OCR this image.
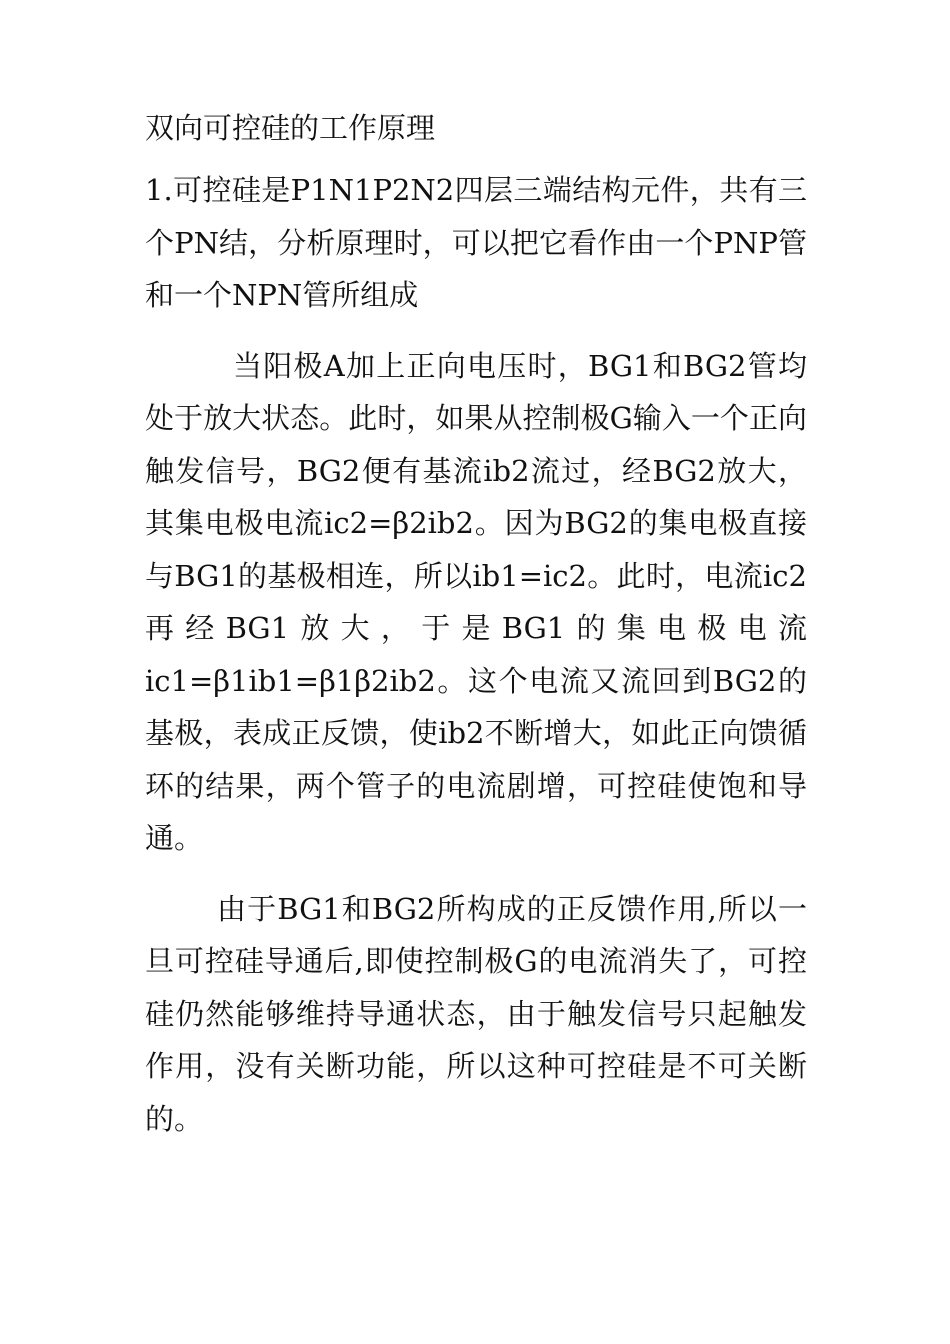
双向可控硅的工作原理

1.可控硅是P1N1P2N2四层三端结构元件，共有三个PN结，分析原理时，可以把它看作由一个PNP管和一个NPN管所组成

当阳极A加上正向电压时，BG1和BG2管均处于放大状态。此时，如果从控制极G输入一个正向触发信号，BG2便有基流ib2流过，经BG2放大，其集电极电流ic2=β2ib2。因为BG2的集电极直接与BG1的基极相连，所以ib1=ic2。此时，电流ic2再经BG1放大，于是BG1的集电极电流ic1=β1ib1=β1β2ib2。这个电流又流回到BG2的基极，表成正反馈，使ib2不断增大，如此正向馈循环的结果，两个管子的电流剧增，可控硅使饱和导通。

由于BG1和BG2所构成的正反馈作用,所以一旦可控硅导通后,即使控制极G的电流消失了，可控硅仍然能够维持导通状态，由于触发信号只起触发作用，没有关断功能，所以这种可控硅是不可关断的。
